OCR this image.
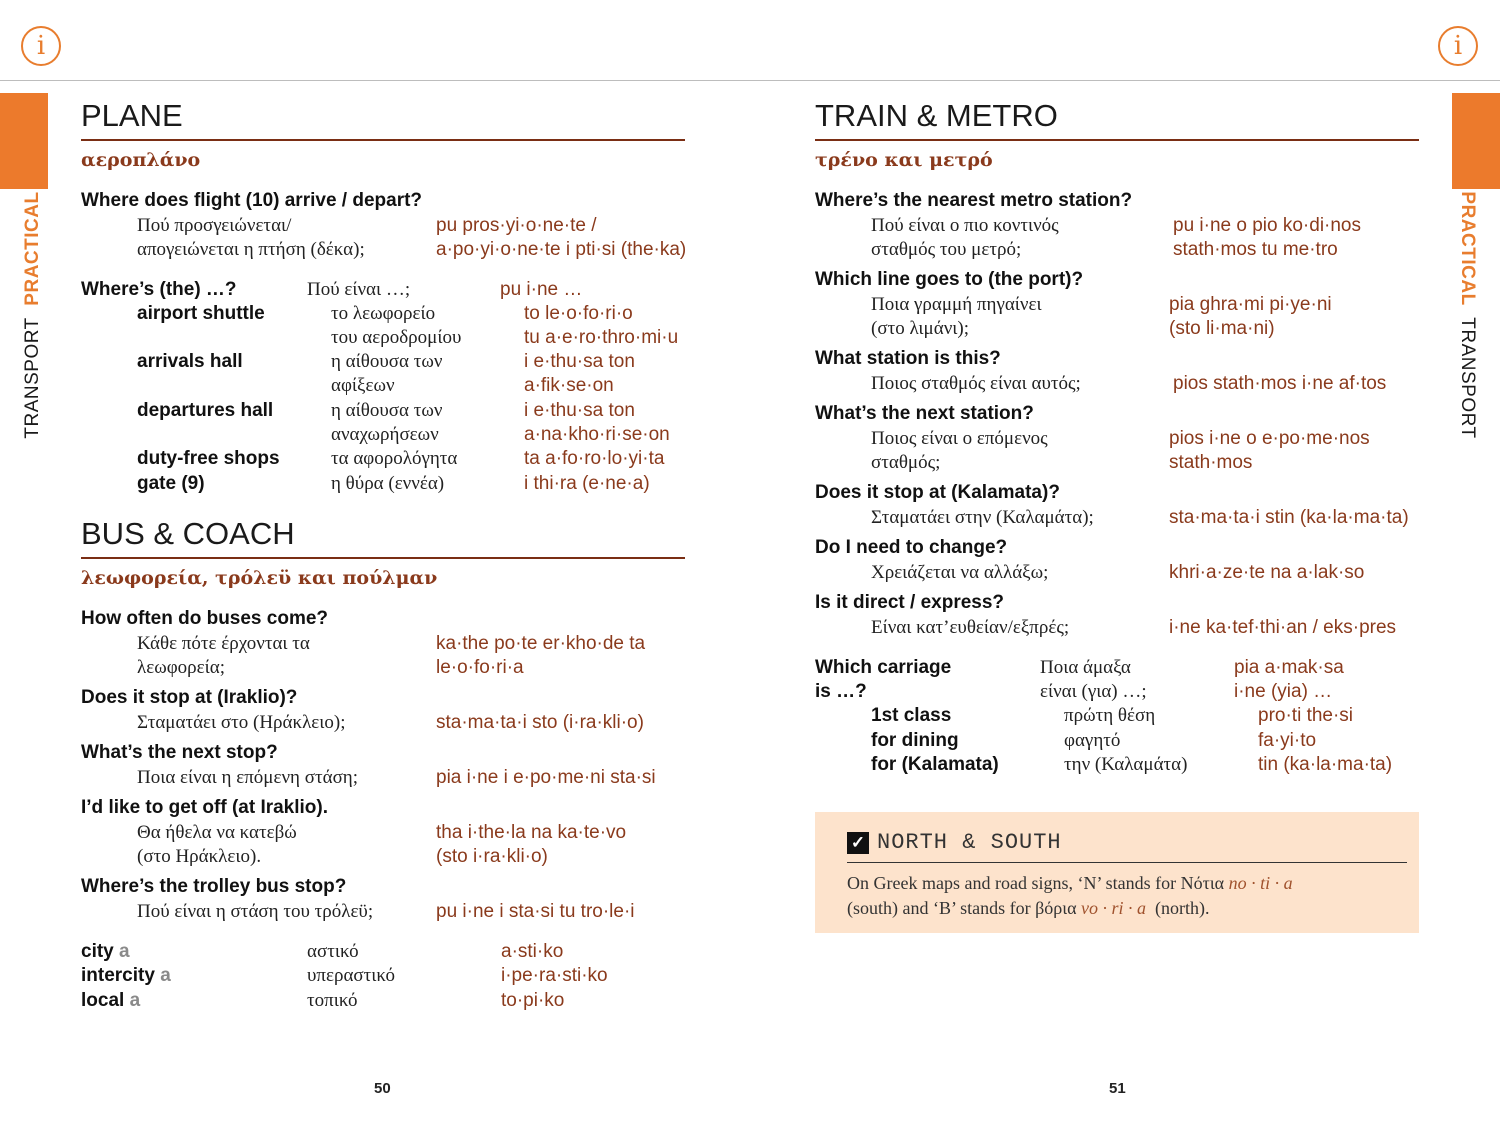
i	i
TRANSPORT  PRACTICAL	PRACTICAL  TRANSPORT
PLANE
αεροπλάνο
Where does flight (10) arrive / depart?
Πού προσγειώνεται/
απογειώνεται η πτήση (δέκα);
pu pros·yi·o·ne·te /
a·po·yi·o·ne·te i pti·si (the·ka)
Where’s (the) …?	Πού είναι …;	pu i·ne …
airport shuttle	το λεωφορείο	to le·o·fo·ri·o
του αεροδρομίου	tu a·e·ro·thro·mi·u
arrivals hall	η αίθουσα των	i e·thu·sa ton
αφίξεων	a·fik·se·on
departures hall	η αίθουσα των	i e·thu·sa ton
αναχωρήσεων	a·na·kho·ri·se·on
duty-free shops	τα αφορολόγητα	ta a·fo·ro·lo·yi·ta
gate (9)	η θύρα (εννέα)	i thi·ra (e·ne·a)
BUS & COACH
λεωφορεία, τρόλεϋ και πούλμαν
How often do buses come?
Κάθε πότε έρχονται τα
λεωφορεία;
ka·the po·te er·kho·de ta
le·o·fo·ri·a
Does it stop at (Iraklio)?
Σταματάει στο (Ηράκλειο);	sta·ma·ta·i sto (i·ra·kli·o)
What’s the next stop?
Ποια είναι η επόμενη στάση;	pia i·ne i e·po·me·ni sta·si
I’d like to get off (at Iraklio).
Θα ήθελα να κατεβώ
(στο Ηράκλειο).
tha i·the·la na ka·te·vo
(sto i·ra·kli·o)
Where’s the trolley bus stop?
Πού είναι η στάση του τρόλεϋ;	pu i·ne i sta·si tu tro·le·i
city a	αστικό	a·sti·ko
intercity a	υπεραστικό	i·pe·ra·sti·ko
local a	τοπικό	to·pi·ko
50
TRAIN & METRO
τρένο και μετρό
Where’s the nearest metro station?
Πού είναι ο πιο κοντινός
σταθμός του μετρό;
pu i·ne o pio ko·di·nos
stath·mos tu me·tro
Which line goes to (the port)?
Ποια γραμμή πηγαίνει
(στο λιμάνι);
pia ghra·mi pi·ye·ni
(sto li·ma·ni)
What station is this?
Ποιος σταθμός είναι αυτός;	pios stath·mos i·ne af·tos
What’s the next station?
Ποιος είναι ο επόμενος
σταθμός;
pios i·ne o e·po·me·nos
stath·mos
Does it stop at (Kalamata)?
Σταματάει στην (Καλαμάτα);	sta·ma·ta·i stin (ka·la·ma·ta)
Do I need to change?
Χρειάζεται να αλλάξω;	khri·a·ze·te na a·lak·so
Is it direct / express?
Είναι κατ’ευθείαν/εξπρές;	i·ne ka·tef·thi·an / eks·pres
Which carriage
is …?
Ποια άμαξα
είναι (για) …;
pia a·mak·sa
i·ne (yia) …
1st class	πρώτη θέση	pro·ti the·si
for dining	φαγητό	fa·yi·to
for (Kalamata)	την (Καλαμάτα)	tin (ka·la·ma·ta)
✓ NORTH & SOUTH
On Greek maps and road signs, ‘N’ stands for Νότια no · ti · a
(south) and ‘B’ stands for βόρια vo · ri · a (north).
51
